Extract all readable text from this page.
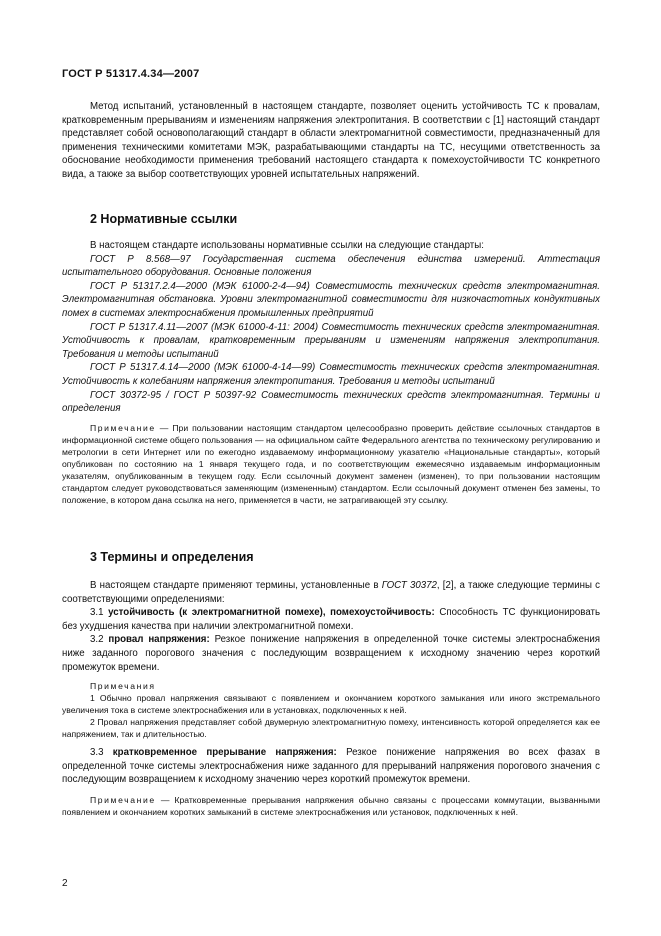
ГОСТ Р 51317.4.34—2007

Метод испытаний, установленный в настоящем стандарте, позволяет оценить устойчивость ТС к провалам, кратковременным прерываниям и изменениям напряжения электропитания. В соответствии с [1] настоящий стандарт представляет собой основополагающий стандарт в области электромагнитной совместимости, предназначенный для применения техническими комитетами МЭК, разрабатывающими стандарты на ТС, несущими ответственность за обоснование необходимости применения требований настоящего стандарта к помехоустойчивости ТС конкретного вида, а также за выбор соответствующих уровней испытательных напряжений.

2 Нормативные ссылки

В настоящем стандарте использованы нормативные ссылки на следующие стандарты:

ГОСТ Р 8.568—97 Государственная система обеспечения единства измерений. Аттестация испытательного оборудования. Основные положения

ГОСТ Р 51317.2.4—2000 (МЭК 61000-2-4—94) Совместимость технических средств электромагнитная. Электромагнитная обстановка. Уровни электромагнитной совместимости для низкочастотных кондуктивных помех в системах электроснабжения промышленных предприятий

ГОСТ Р 51317.4.11—2007 (МЭК 61000-4-11: 2004) Совместимость технических средств электромагнитная. Устойчивость к провалам, кратковременным прерываниям и изменениям напряжения электропитания. Требования и методы испытаний

ГОСТ Р 51317.4.14—2000 (МЭК 61000-4-14—99) Совместимость технических средств электромагнитная. Устойчивость к колебаниям напряжения электропитания. Требования и методы испытаний

ГОСТ 30372-95 / ГОСТ Р 50397-92 Совместимость технических средств электромагнитная. Термины и определения

Примечание — При пользовании настоящим стандартом целесообразно проверить действие ссылочных стандартов в информационной системе общего пользования — на официальном сайте Федерального агентства по техническому регулированию и метрологии в сети Интернет или по ежегодно издаваемому информационному указателю «Национальные стандарты», который опубликован по состоянию на 1 января текущего года, и по соответствующим ежемесячно издаваемым информационным указателям, опубликованным в текущем году. Если ссылочный документ заменен (изменен), то при пользовании настоящим стандартом следует руководствоваться заменяющим (измененным) стандартом. Если ссылочный документ отменен без замены, то положение, в котором дана ссылка на него, применяется в части, не затрагивающей эту ссылку.

3 Термины и определения

В настоящем стандарте применяют термины, установленные в ГОСТ 30372, [2], а также следующие термины с соответствующими определениями:

3.1 устойчивость (к электромагнитной помехе), помехоустойчивость: Способность ТС функционировать без ухудшения качества при наличии электромагнитной помехи.

3.2 провал напряжения: Резкое понижение напряжения в определенной точке системы электроснабжения ниже заданного порогового значения с последующим возвращением к исходному значению через короткий промежуток времени.

Примечания

1 Обычно провал напряжения связывают с появлением и окончанием короткого замыкания или иного экстремального увеличения тока в системе электроснабжения или в установках, подключенных к ней.

2 Провал напряжения представляет собой двумерную электромагнитную помеху, интенсивность которой определяется как ее напряжением, так и длительностью.

3.3 кратковременное прерывание напряжения: Резкое понижение напряжения во всех фазах в определенной точке системы электроснабжения ниже заданного для прерываний напряжения порогового значения с последующим возвращением к исходному значению через короткий промежуток времени.

Примечание — Кратковременные прерывания напряжения обычно связаны с процессами коммутации, вызванными появлением и окончанием коротких замыканий в системе электроснабжения или установок, подключенных к ней.

2
